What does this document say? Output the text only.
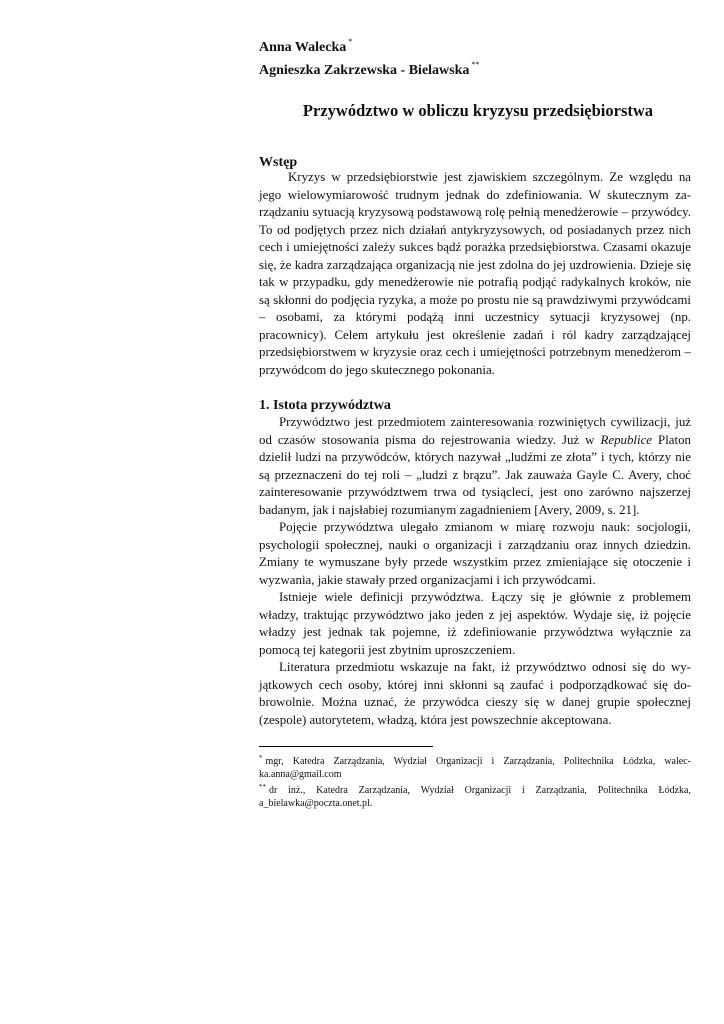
Anna Walecka *
Agnieszka Zakrzewska - Bielawska **
Przywództwo w obliczu kryzysu przedsiębiorstwa
Wstęp

Kryzys w przedsiębiorstwie jest zjawiskiem szczególnym. Ze względu na jego wielowymiarowość trudnym jednak do zdefiniowania. W skutecznym zarządzaniu sytuacją kryzysową podstawową rolę pełnią menedżerowie – przywódcy. To od podjętych przez nich działań antykryzysowych, od posiadanych przez nich cech i umiejętności zależy sukces bądź porażka przedsiębiorstwa. Czasami okazuje się, że kadra zarządzająca organizacją nie jest zdolna do jej uzdrowienia. Dzieje się tak w przypadku, gdy menedżerowie nie potrafią podjąć radykalnych kroków, nie są skłonni do podjęcia ryzyka, a może po prostu nie są prawdziwymi przywódcami – osobami, za którymi podążą inni uczestnicy sytuacji kryzysowej (np. pracownicy). Celem artykułu jest określenie zadań i ról kadry zarządzającej przedsiębiorstwem w kryzysie oraz cech i umiejętności potrzebnym menedżerom – przywódcom do jego skutecznego pokonania.

1. Istota przywództwa

Przywództwo jest przedmiotem zainteresowania rozwiniętych cywilizacji, już od czasów stosowania pisma do rejestrowania wiedzy. Już w Republice Platon dzielił ludzi na przywódców, których nazywał „ludźmi ze złota” i tych, którzy nie są przeznaczeni do tej roli – „ludzi z brązu”. Jak zauważa Gayle C. Avery, choć zainteresowanie przywództwem trwa od tysiącleci, jest ono zarówno najszerzej badanym, jak i najsłabiej rozumianym zagadnieniem [Avery, 2009, s. 21].

Pojęcie przywództwa ulegało zmianom w miarę rozwoju nauk: socjologii, psychologii społecznej, nauki o organizacji i zarządzaniu oraz innych dziedzin. Zmiany te wymuszane były przede wszystkim przez zmieniające się otoczenie i wyzwania, jakie stawały przed organizacjami i ich przywódcami.

Istnieje wiele definicji przywództwa. Łączy się je głównie z problemem władzy, traktując przywództwo jako jeden z jej aspektów. Wydaje się, iż pojęcie władzy jest jednak tak pojemne, iż zdefiniowanie przywództwa wyłącznie za pomocą tej kategorii jest zbytnim uproszczeniem.

Literatura przedmiotu wskazuje na fakt, iż przywództwo odnosi się do wyjątkowych cech osoby, której inni skłonni są zaufać i podporządkować się dobrowolnie. Można uznać, że przywódca cieszy się w danej grupie społecznej (zespole) autorytetem, władzą, która jest powszechnie akceptowana.

* mgr, Katedra Zarządzania, Wydział Organizacji i Zarządzania, Politechnika Łódzka, walecka.anna@gmail.com

** dr inż., Katedra Zarządzania, Wydział Organizacji i Zarządzania, Politechnika Łódzka, a_bielawka@poczta.onet.pl.
